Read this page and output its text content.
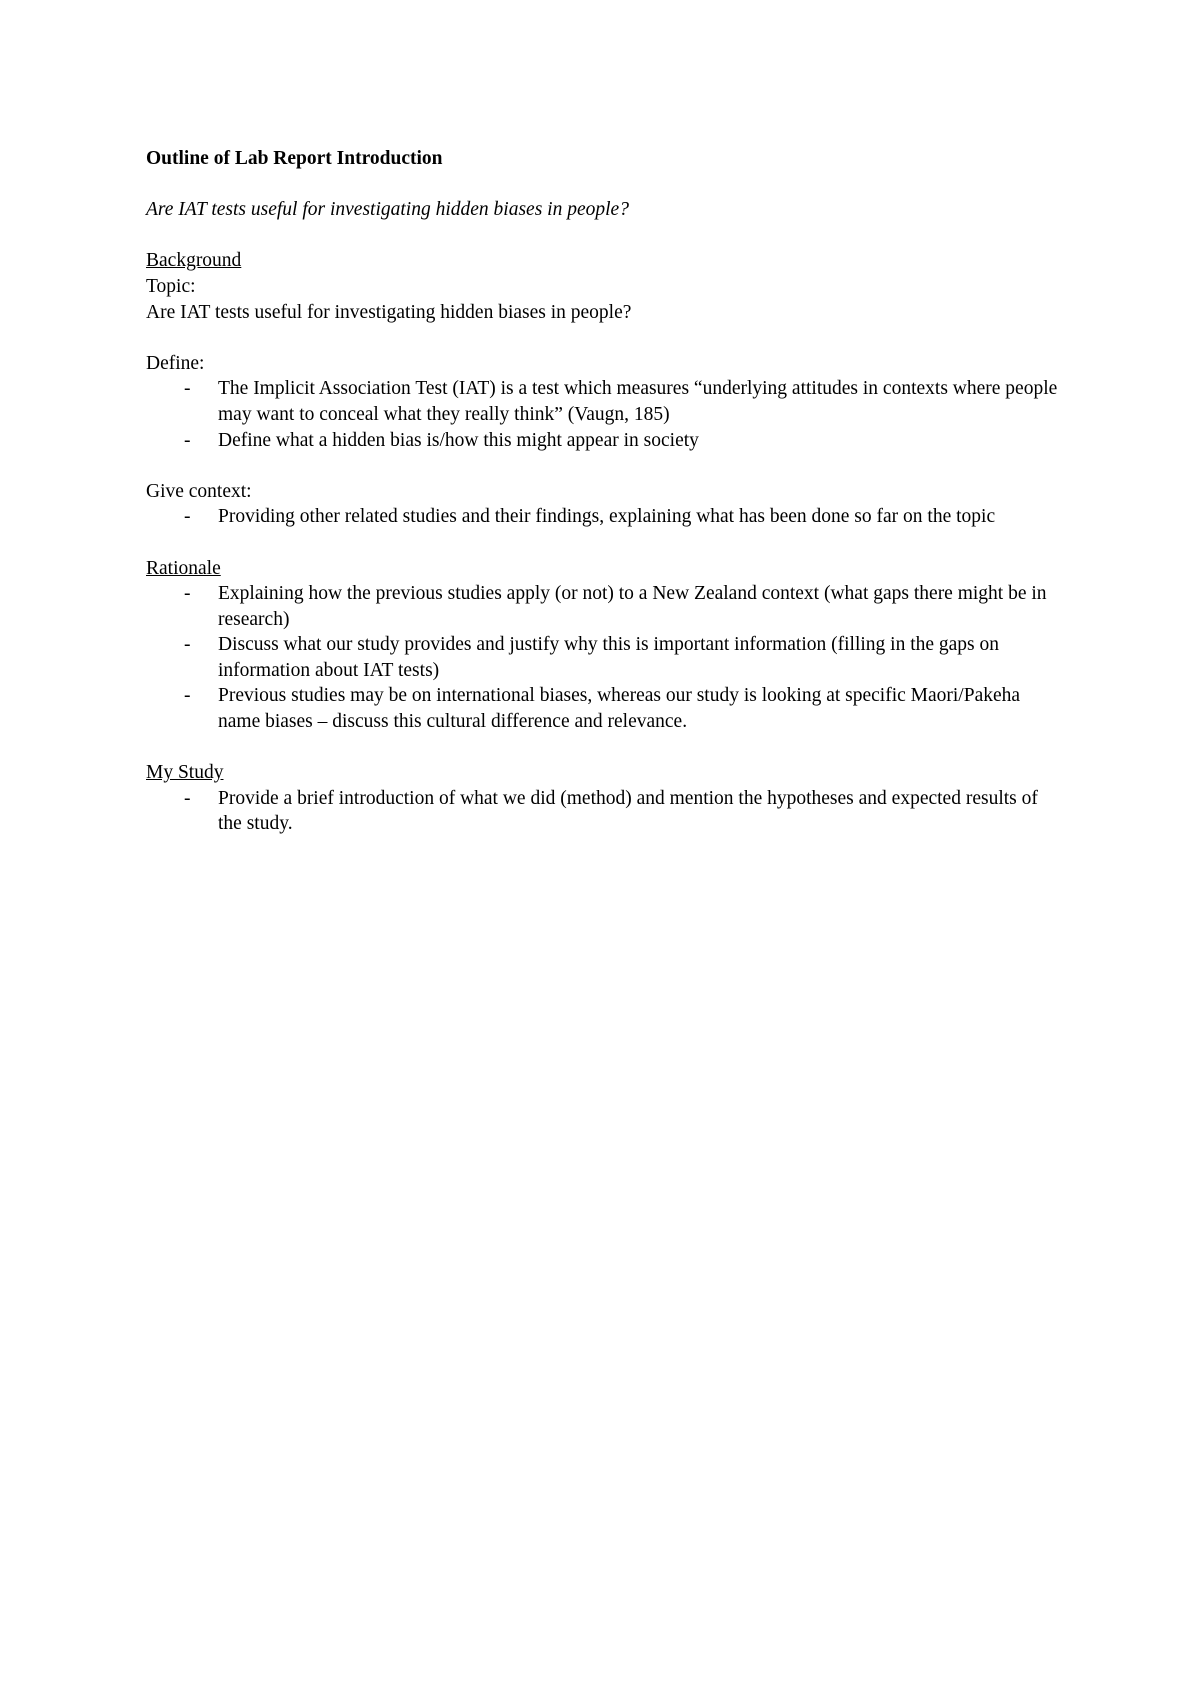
Outline of Lab Report Introduction

Are IAT tests useful for investigating hidden biases in people?

Background

Topic:

Are IAT tests useful for investigating hidden biases in people?

Define:

- The Implicit Association Test (IAT) is a test which measures “underlying attitudes in contexts where people may want to conceal what they really think” (Vaugn, 185)
- Define what a hidden bias is/how this might appear in society

Give context:

- Providing other related studies and their findings, explaining what has been done so far on the topic

Rationale

- Explaining how the previous studies apply (or not) to a New Zealand context (what gaps there might be in research)
- Discuss what our study provides and justify why this is important information (filling in the gaps on information about IAT tests)
- Previous studies may be on international biases, whereas our study is looking at specific Maori/Pakeha name biases – discuss this cultural difference and relevance.

My Study

- Provide a brief introduction of what we did (method) and mention the hypotheses and expected results of the study.
